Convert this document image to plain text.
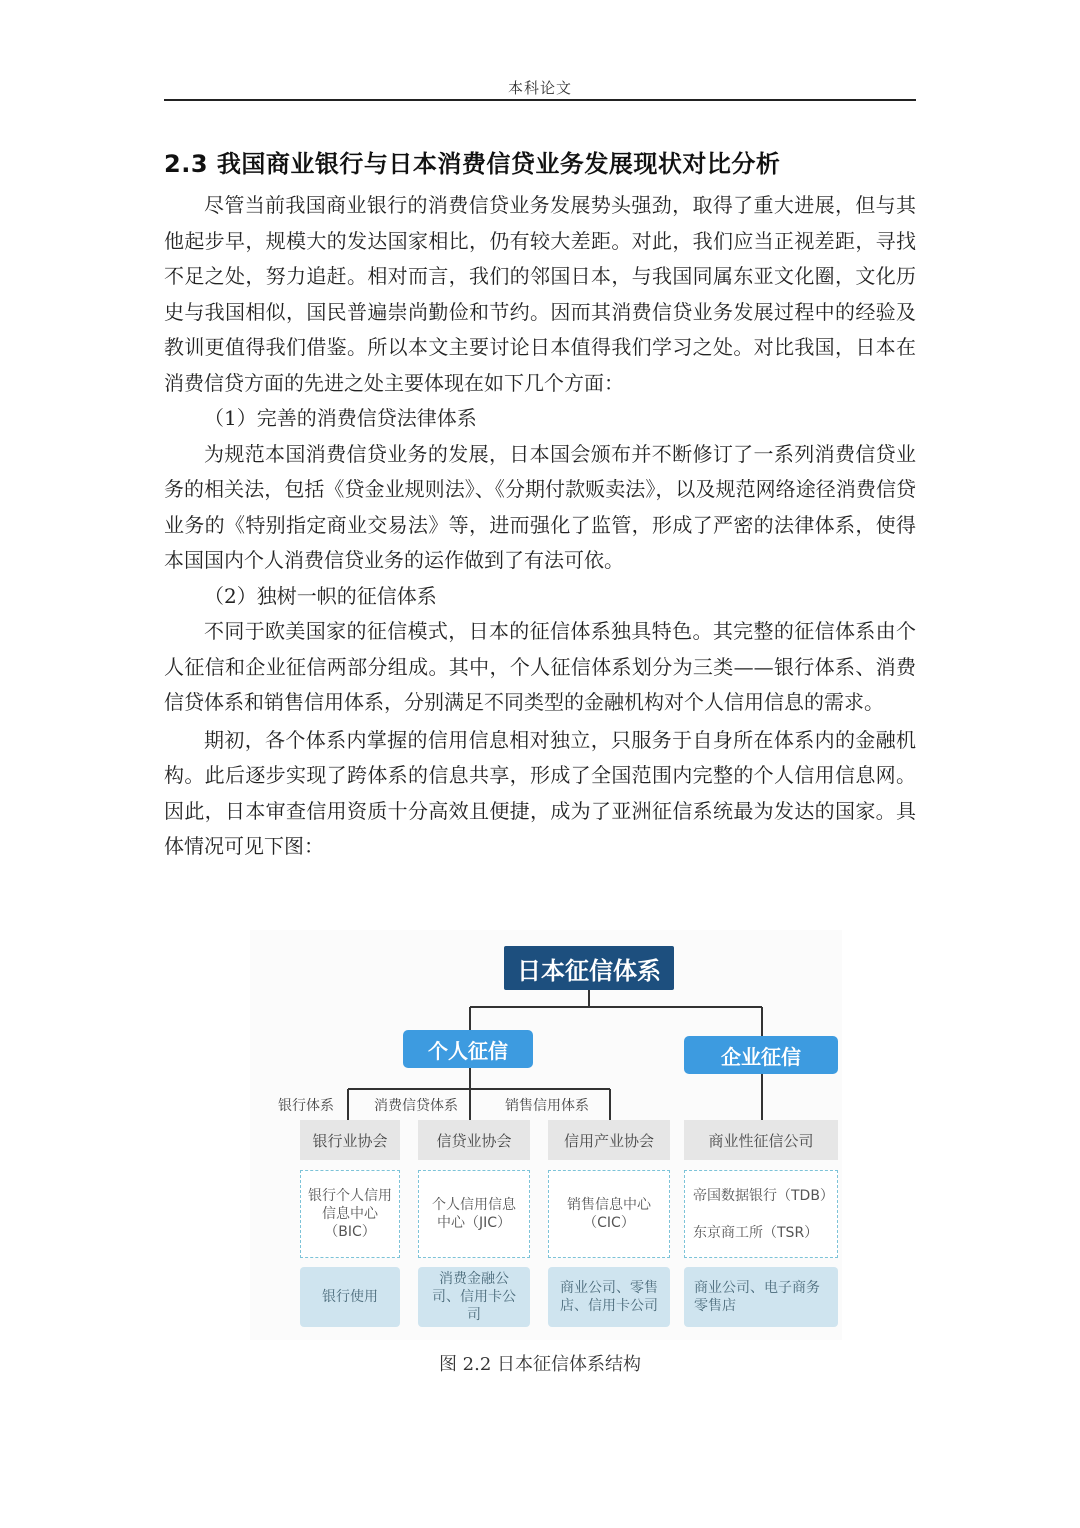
本科论文
2.3 我国商业银行与日本消费信贷业务发展现状对比分析

尽管当前我国商业银行的消费信贷业务发展势头强劲，取得了重大进展，但与其他起步早，规模大的发达国家相比，仍有较大差距。对此，我们应当正视差距，寻找不足之处，努力追赶。相对而言，我们的邻国日本，与我国同属东亚文化圈，文化历史与我国相似，国民普遍崇尚勤俭和节约。因而其消费信贷业务发展过程中的经验及教训更值得我们借鉴。所以本文主要讨论日本值得我们学习之处。对比我国，日本在消费信贷方面的先进之处主要体现在如下几个方面：

（1）完善的消费信贷法律体系

为规范本国消费信贷业务的发展，日本国会颁布并不断修订了一系列消费信贷业务的相关法，包括《贷金业规则法》、《分期付款贩卖法》，以及规范网络途径消费信贷业务的《特别指定商业交易法》等，进而强化了监管，形成了严密的法律体系，使得本国国内个人消费信贷业务的运作做到了有法可依。

（2）独树一帜的征信体系

不同于欧美国家的征信模式，日本的征信体系独具特色。其完整的征信体系由个人征信和企业征信两部分组成。其中，个人征信体系划分为三类——银行体系、消费信贷体系和销售信用体系，分别满足不同类型的金融机构对个人信用信息的需求。

期初，各个体系内掌握的信用信息相对独立，只服务于自身所在体系内的金融机构。此后逐步实现了跨体系的信息共享，形成了全国范围内完整的个人信用信息网。因此，日本审查信用资质十分高效且便捷，成为了亚洲征信系统最为发达的国家。具体情况可见下图：

日本征信体系
个人征信	企业征信
银行体系	消费信贷体系	销售信用体系
银行业协会	信贷业协会	信用产业协会	商业性征信公司
银行个人信用信息中心（BIC）
个人信用信息中心（JIC）
销售信息中心（CIC）
帝国数据银行（TDB）
东京商工所（TSR）
银行使用
消费金融公司、信用卡公司
商业公司、零售店、信用卡公司
商业公司、电子商务零售店
图 2.2 日本征信体系结构
